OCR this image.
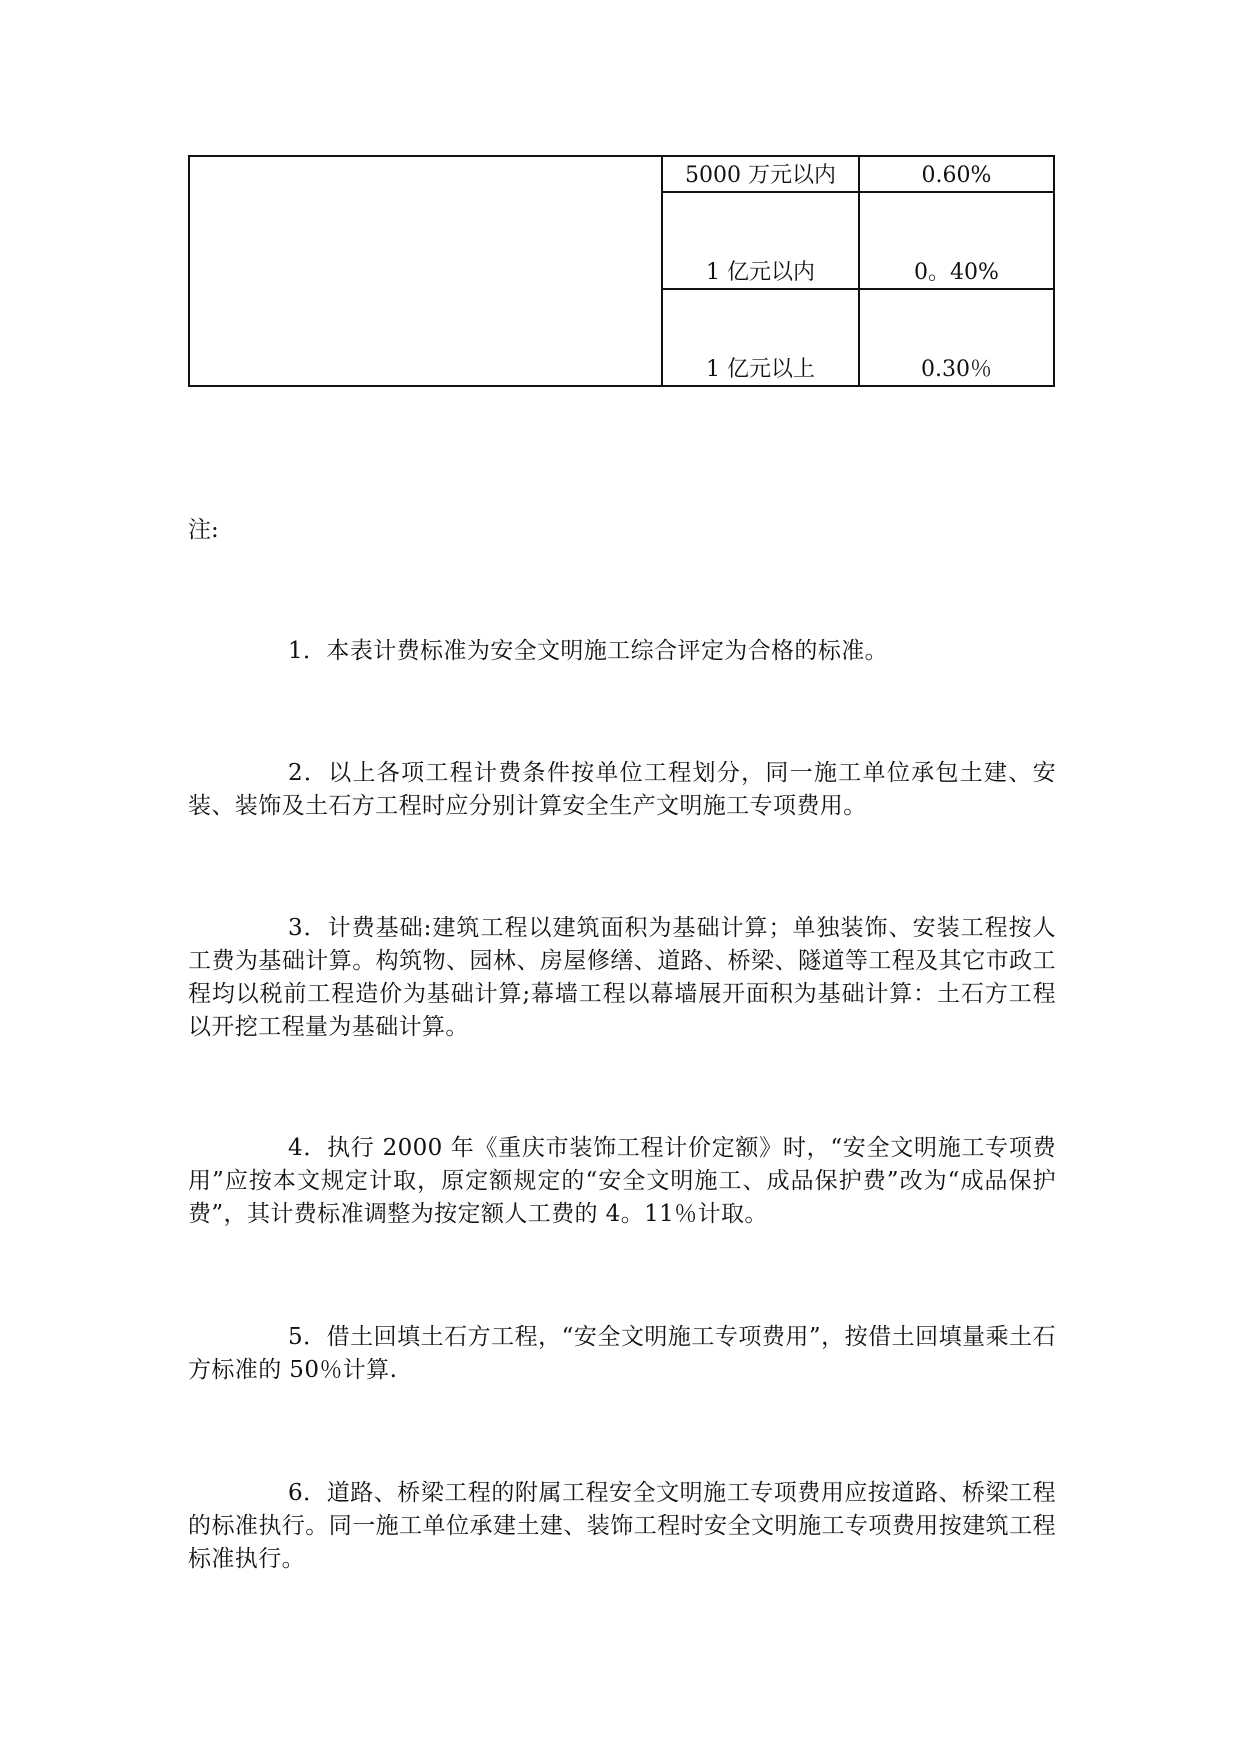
	5000 万元以内	0.60%
	1 亿元以内	0。40%
	1 亿元以上	0.30％

注:

1．本表计费标准为安全文明施工综合评定为合格的标准。

2．以上各项工程计费条件按单位工程划分，同一施工单位承包土建、安装、装饰及土石方工程时应分别计算安全生产文明施工专项费用。

3．计费基础:建筑工程以建筑面积为基础计算；单独装饰、安装工程按人工费为基础计算。构筑物、园林、房屋修缮、道路、桥梁、隧道等工程及其它市政工程均以税前工程造价为基础计算;幕墙工程以幕墙展开面积为基础计算：土石方工程以开挖工程量为基础计算。

4．执行 2000 年《重庆市装饰工程计价定额》时，“安全文明施工专项费用”应按本文规定计取，原定额规定的“安全文明施工、成品保护费”改为“成品保护费”，其计费标准调整为按定额人工费的 4。11％计取。

5．借土回填土石方工程，“安全文明施工专项费用”，按借土回填量乘土石方标准的 50％计算.

6．道路、桥梁工程的附属工程安全文明施工专项费用应按道路、桥梁工程的标准执行。同一施工单位承建土建、装饰工程时安全文明施工专项费用按建筑工程标准执行。
